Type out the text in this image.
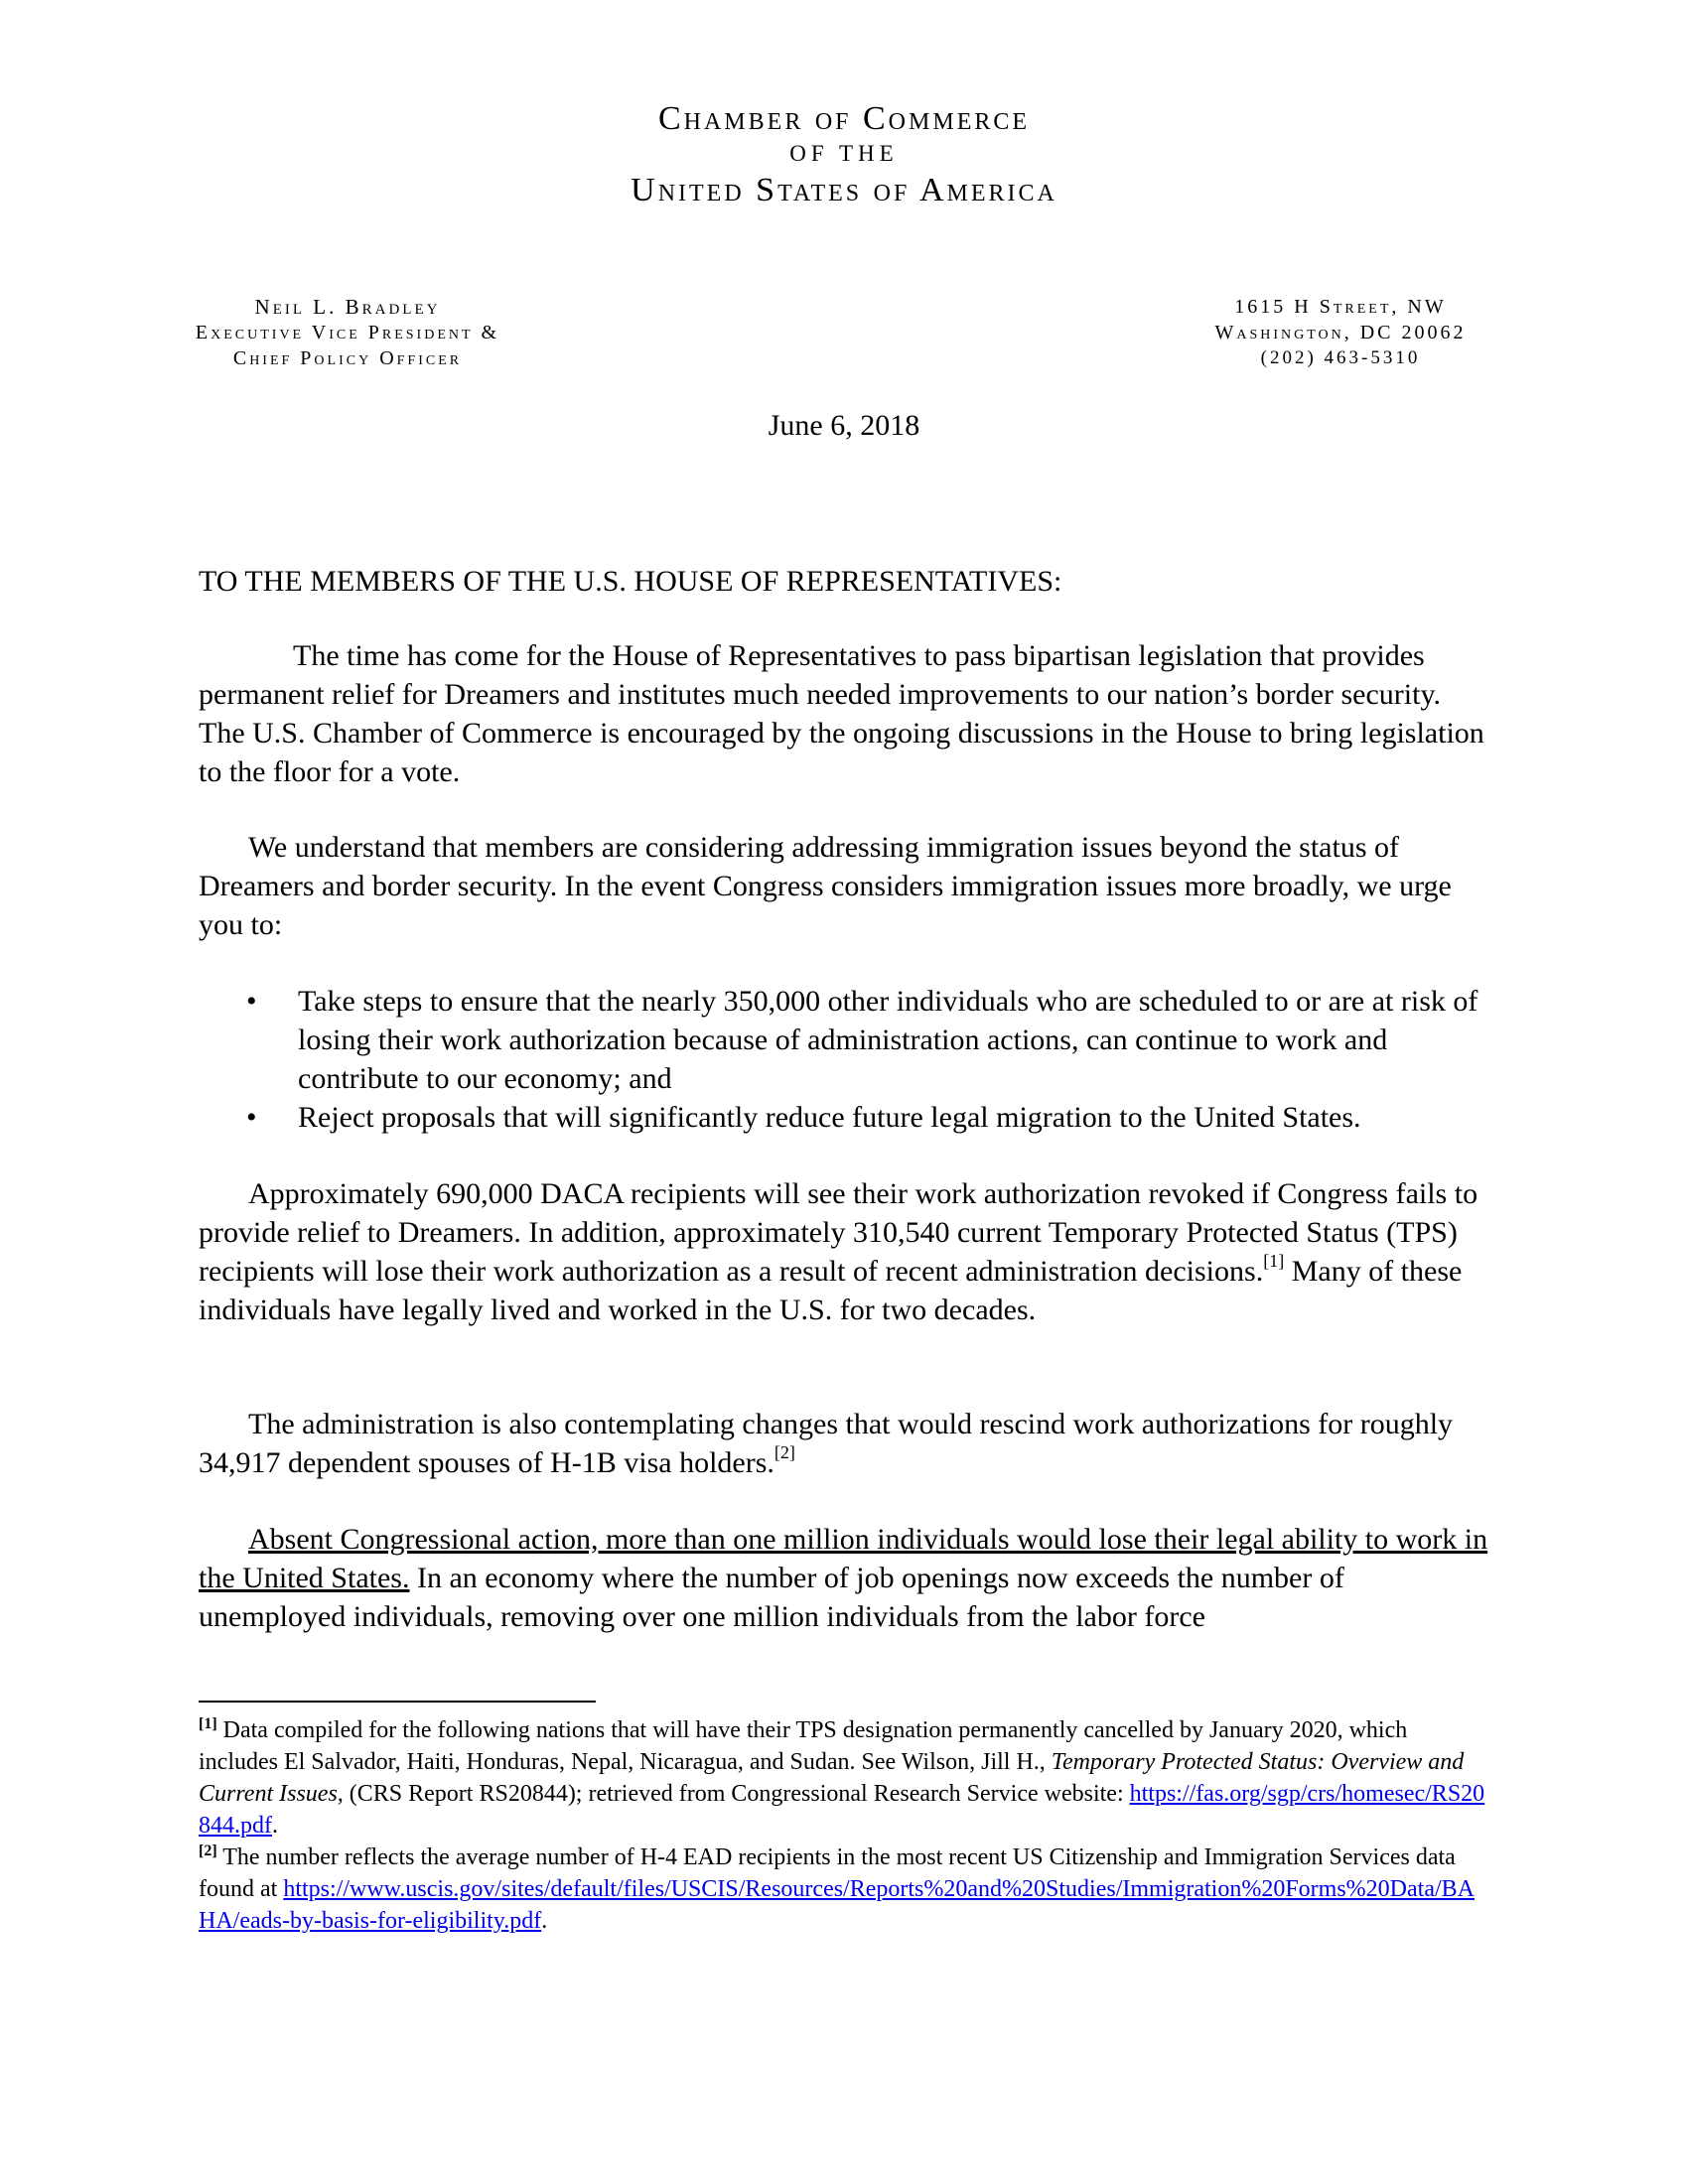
Chamber of Commerce
OF THE
United States of America
Neil L. Bradley
Executive Vice President &
Chief Policy Officer
1615 H Street, NW
Washington, DC 20062
(202) 463-5310
June 6, 2018
TO THE MEMBERS OF THE U.S. HOUSE OF REPRESENTATIVES:
The time has come for the House of Representatives to pass bipartisan legislation that provides permanent relief for Dreamers and institutes much needed improvements to our nation’s border security. The U.S. Chamber of Commerce is encouraged by the ongoing discussions in the House to bring legislation to the floor for a vote.
We understand that members are considering addressing immigration issues beyond the status of Dreamers and border security. In the event Congress considers immigration issues more broadly, we urge you to:
• Take steps to ensure that the nearly 350,000 other individuals who are scheduled to or are at risk of losing their work authorization because of administration actions, can continue to work and contribute to our economy; and
• Reject proposals that will significantly reduce future legal migration to the United States.
Approximately 690,000 DACA recipients will see their work authorization revoked if Congress fails to provide relief to Dreamers. In addition, approximately 310,540 current Temporary Protected Status (TPS) recipients will lose their work authorization as a result of recent administration decisions.[1] Many of these individuals have legally lived and worked in the U.S. for two decades.
The administration is also contemplating changes that would rescind work authorizations for roughly 34,917 dependent spouses of H-1B visa holders.[2]
Absent Congressional action, more than one million individuals would lose their legal ability to work in the United States. In an economy where the number of job openings now exceeds the number of unemployed individuals, removing over one million individuals from the labor force
[1] Data compiled for the following nations that will have their TPS designation permanently cancelled by January 2020, which includes El Salvador, Haiti, Honduras, Nepal, Nicaragua, and Sudan. See Wilson, Jill H., Temporary Protected Status: Overview and Current Issues, (CRS Report RS20844); retrieved from Congressional Research Service website: https://fas.org/sgp/crs/homesec/RS20844.pdf.
[2] The number reflects the average number of H-4 EAD recipients in the most recent US Citizenship and Immigration Services data found at https://www.uscis.gov/sites/default/files/USCIS/Resources/Reports%20and%20Studies/Immigration%20Forms%20Data/BAHA/eads-by-basis-for-eligibility.pdf.
